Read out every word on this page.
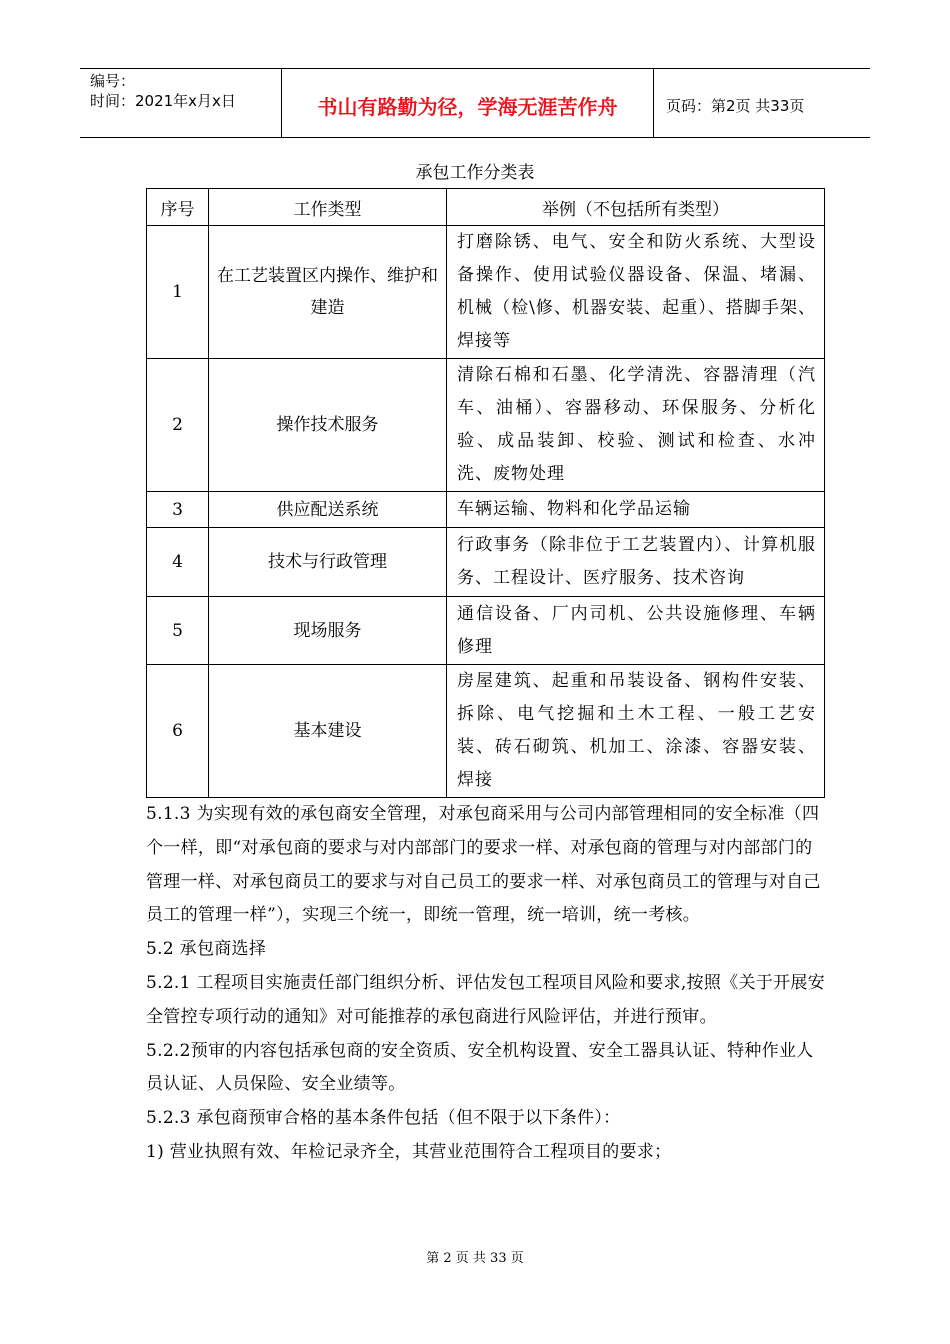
编号：
时间：2021年x月x日	书山有路勤为径，学海无涯苦作舟	页码：第2页 共33页
承包工作分类表
序号	工作类型	举例（不包括所有类型）
1	在工艺装置区内操作、维护和建造	打磨除锈、电气、安全和防火系统、大型设备操作、使用试验仪器设备、保温、堵漏、机械（检\修、机器安装、起重）、搭脚手架、焊接等
2	操作技术服务	清除石棉和石墨、化学清洗、容器清理（汽车、油桶）、容器移动、环保服务、分析化验、成品装卸、校验、测试和检查、水冲洗、废物处理
3	供应配送系统	车辆运输、物料和化学品运输
4	技术与行政管理	行政事务（除非位于工艺装置内）、计算机服务、工程设计、医疗服务、技术咨询
5	现场服务	通信设备、厂内司机、公共设施修理、车辆修理
6	基本建设	房屋建筑、起重和吊装设备、钢构件安装、拆除、电气挖掘和土木工程、一般工艺安装、砖石砌筑、机加工、涂漆、容器安装、焊接

5.1.3 为实现有效的承包商安全管理，对承包商采用与公司内部管理相同的安全标准（四个一样，即“对承包商的要求与对内部部门的要求一样、对承包商的管理与对内部部门的管理一样、对承包商员工的要求与对自己员工的要求一样、对承包商员工的管理与对自己员工的管理一样”），实现三个统一，即统一管理，统一培训，统一考核。

5.2 承包商选择

5.2.1 工程项目实施责任部门组织分析、评估发包工程项目风险和要求,按照《关于开展安全管控专项行动的通知》对可能推荐的承包商进行风险评估，并进行预审。

5.2.2预审的内容包括承包商的安全资质、安全机构设置、安全工器具认证、特种作业人员认证、人员保险、安全业绩等。

5.2.3 承包商预审合格的基本条件包括（但不限于以下条件）：

1) 营业执照有效、年检记录齐全，其营业范围符合工程项目的要求；

第 2 页 共 33 页
